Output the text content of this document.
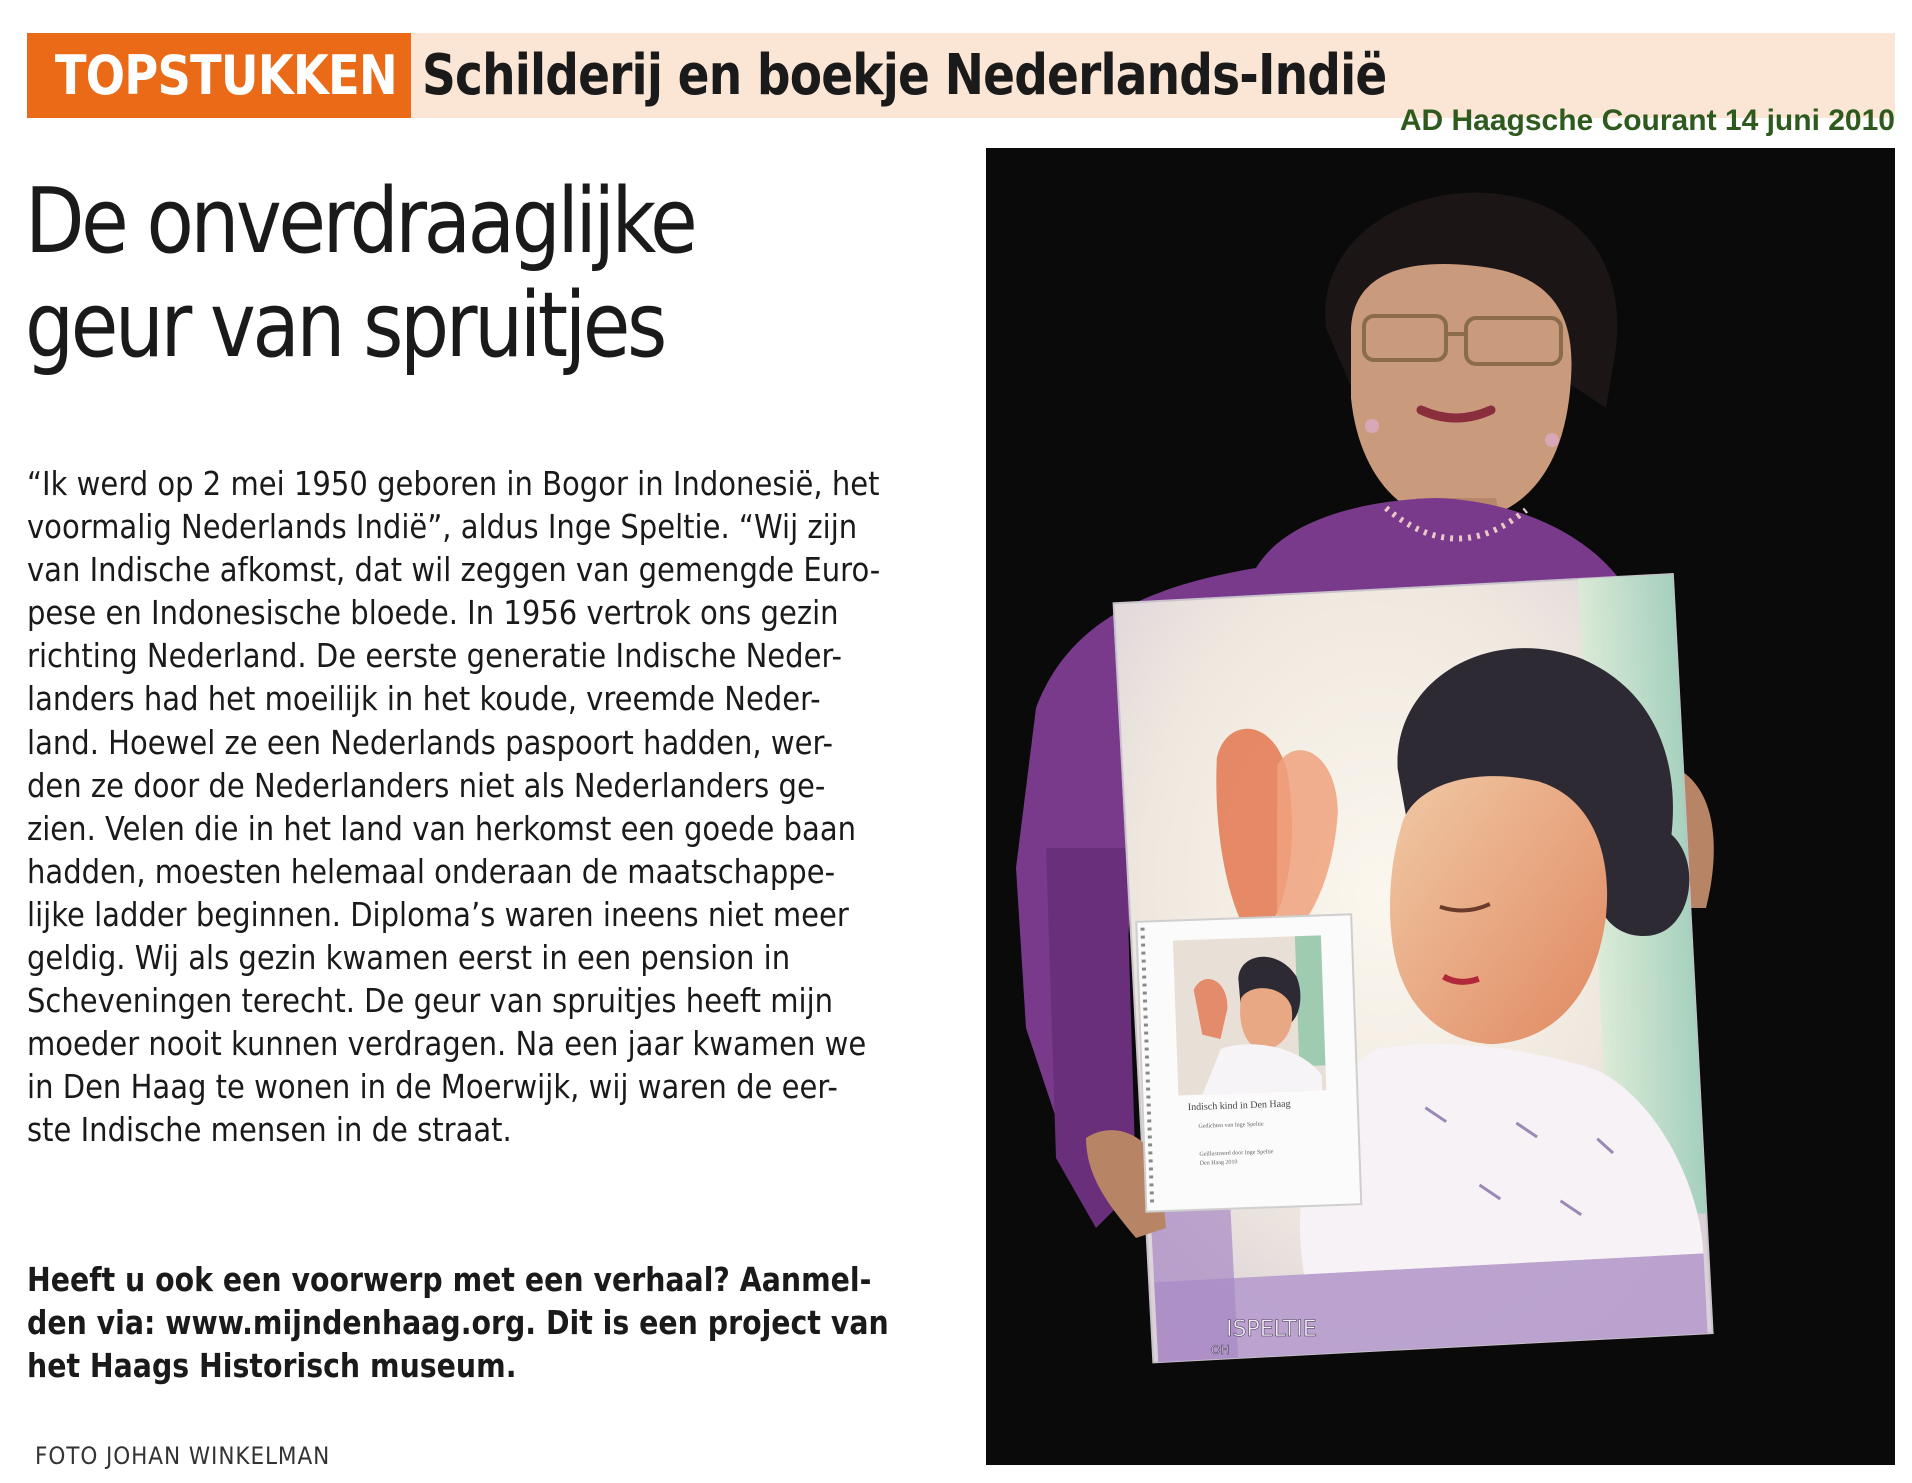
TOPSTUKKEN Schilderij en boekje Nederlands-Indië
AD Haagsche Courant 14 juni 2010
De onverdraaglijke
geur van spruitjes
“Ik werd op 2 mei 1950 geboren in Bogor in Indonesië, het
voormalig Nederlands Indië”, aldus Inge Speltie. “Wij zijn
van Indische afkomst, dat wil zeggen van gemengde Euro-
pese en Indonesische bloede. In 1956 vertrok ons gezin
richting Nederland. De eerste generatie Indische Neder-
landers had het moeilijk in het koude, vreemde Neder-
land. Hoewel ze een Nederlands paspoort hadden, wer-
den ze door de Nederlanders niet als Nederlanders ge-
zien. Velen die in het land van herkomst een goede baan
hadden, moesten helemaal onderaan de maatschappe-
lijke ladder beginnen. Diploma’s waren ineens niet meer
geldig. Wij als gezin kwamen eerst in een pension in
Scheveningen terecht. De geur van spruitjes heeft mijn
moeder nooit kunnen verdragen. Na een jaar kwamen we
in Den Haag te wonen in de Moerwijk, wij waren de eer-
ste Indische mensen in de straat.
Heeft u ook een voorwerp met een verhaal? Aanmel-
den via: www.mijndenhaag.org. Dit is een project van
het Haags Historisch museum.
FOTO JOHAN WINKELMAN
Indisch kind in Den Haag
Gedichten van Inge Speltie
Geïllustreerd door Inge Speltie
Den Haag 2010
ISPELTIE
OH
